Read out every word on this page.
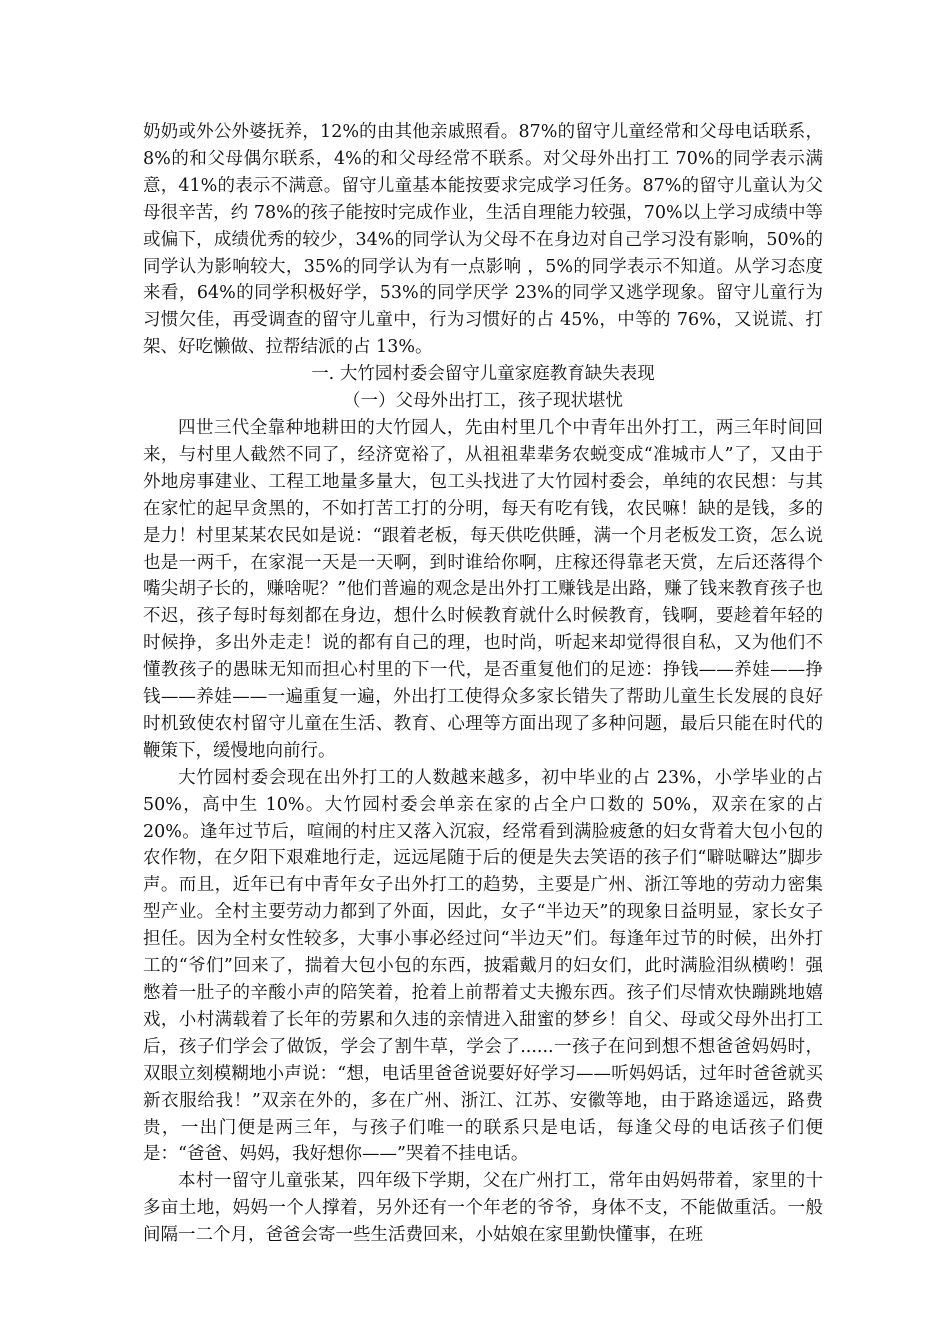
奶奶或外公外婆抚养，12%的由其他亲戚照看。87%的留守儿童经常和父母电话联系，8%的和父母偶尔联系，4%的和父母经常不联系。对父母外出打工 70%的同学表示满意，41%的表示不满意。留守儿童基本能按要求完成学习任务。87%的留守儿童认为父母很辛苦，约 78%的孩子能按时完成作业，生活自理能力较强，70%以上学习成绩中等或偏下，成绩优秀的较少，34%的同学认为父母不在身边对自己学习没有影响，50%的同学认为影响较大，35%的同学认为有一点影响 ，5%的同学表示不知道。从学习态度来看，64%的同学积极好学，53%的同学厌学 23%的同学又逃学现象。留守儿童行为习惯欠佳，再受调查的留守儿童中，行为习惯好的占 45%，中等的 76%，又说谎、打架、好吃懒做、拉帮结派的占 13%。

一. 大竹园村委会留守儿童家庭教育缺失表现
（一）父母外出打工，孩子现状堪忧

四世三代全靠种地耕田的大竹园人，先由村里几个中青年出外打工，两三年时间回来，与村里人截然不同了，经济宽裕了，从祖祖辈辈务农蜕变成“准城市人”了，又由于外地房事建业、工程工地量多量大，包工头找进了大竹园村委会，单纯的农民想：与其在家忙的起早贪黑的，不如打苦工打的分明，每天有吃有钱，农民嘛！缺的是钱，多的是力！村里某某农民如是说：“跟着老板，每天供吃供睡，满一个月老板发工资，怎么说也是一两千，在家混一天是一天啊，到时谁给你啊，庄稼还得靠老天赏，左后还落得个嘴尖胡子长的，赚啥呢？”他们普遍的观念是出外打工赚钱是出路，赚了钱来教育孩子也不迟，孩子每时每刻都在身边，想什么时候教育就什么时候教育，钱啊，要趁着年轻的时候挣，多出外走走！说的都有自己的理，也时尚，听起来却觉得很自私，又为他们不懂教孩子的愚昧无知而担心村里的下一代，是否重复他们的足迹：挣钱——养娃——挣钱——养娃——一遍重复一遍，外出打工使得众多家长错失了帮助儿童生长发展的良好时机致使农村留守儿童在生活、教育、心理等方面出现了多种问题，最后只能在时代的鞭策下，缓慢地向前行。

大竹园村委会现在出外打工的人数越来越多，初中毕业的占 23%，小学毕业的占 50%，高中生 10%。大竹园村委会单亲在家的占全户口数的 50%，双亲在家的占 20%。逢年过节后，喧闹的村庄又落入沉寂，经常看到满脸疲惫的妇女背着大包小包的农作物，在夕阳下艰难地行走，远远尾随于后的便是失去笑语的孩子们“噼哒噼达”脚步声。而且，近年已有中青年女子出外打工的趋势，主要是广州、浙江等地的劳动力密集型产业。全村主要劳动力都到了外面，因此，女子“半边天”的现象日益明显，家长女子担任。因为全村女性较多，大事小事必经过问“半边天”们。每逢年过节的时候，出外打工的“爷们”回来了，揣着大包小包的东西，披霜戴月的妇女们，此时满脸泪纵横哟！强憋着一肚子的辛酸小声的陪笑着，抢着上前帮着丈夫搬东西。孩子们尽情欢快蹦跳地嬉戏，小村满载着了长年的劳累和久违的亲情进入甜蜜的梦乡！自父、母或父母外出打工后，孩子们学会了做饭，学会了割牛草，学会了......一孩子在问到想不想爸爸妈妈时，双眼立刻模糊地小声说：“想，电话里爸爸说要好好学习——听妈妈话，过年时爸爸就买新衣服给我！”双亲在外的，多在广州、浙江、江苏、安徽等地，由于路途遥远，路费贵，一出门便是两三年，与孩子们唯一的联系只是电话，每逢父母的电话孩子们便是：“爸爸、妈妈，我好想你——”哭着不挂电话。

本村一留守儿童张某，四年级下学期，父在广州打工，常年由妈妈带着，家里的十多亩土地，妈妈一个人撑着，另外还有一个年老的爷爷，身体不支，不能做重活。一般间隔一二个月，爸爸会寄一些生活费回来，小姑娘在家里勤快懂事，在班
